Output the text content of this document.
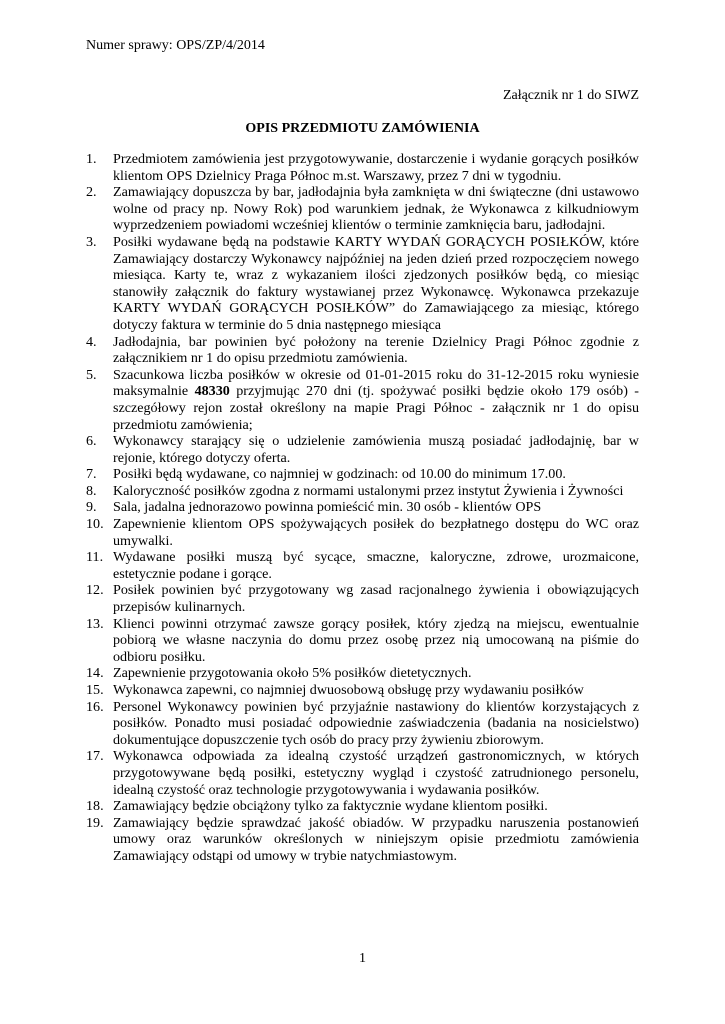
Numer sprawy: OPS/ZP/4/2014
Załącznik nr 1 do SIWZ
OPIS PRZEDMIOTU ZAMÓWIENIA
1.	Przedmiotem zamówienia jest przygotowywanie, dostarczenie i wydanie gorących posiłków klientom OPS Dzielnicy Praga Północ m.st. Warszawy, przez 7 dni w tygodniu.
2.	Zamawiający dopuszcza by bar, jadłodajnia była zamknięta w dni świąteczne (dni ustawowo wolne od pracy np. Nowy Rok) pod warunkiem jednak, że Wykonawca z kilkudniowym wyprzedzeniem powiadomi wcześniej klientów o terminie zamknięcia baru, jadłodajni.
3.	Posiłki wydawane będą na podstawie KARTY WYDAŃ GORĄCYCH POSIŁKÓW, które Zamawiający dostarczy Wykonawcy najpóźniej na jeden dzień przed rozpoczęciem nowego miesiąca. Karty te, wraz z wykazaniem ilości zjedzonych posiłków będą, co miesiąc stanowiły załącznik do faktury wystawianej przez Wykonawcę. Wykonawca przekazuje KARTY WYDAŃ GORĄCYCH POSIŁKÓW” do Zamawiającego za miesiąc, którego dotyczy faktura w terminie do 5 dnia następnego miesiąca
4.	Jadłodajnia, bar powinien być położony na terenie Dzielnicy Pragi Północ zgodnie z załącznikiem nr 1 do opisu przedmiotu zamówienia.
5.	Szacunkowa liczba posiłków w okresie od 01-01-2015 roku do 31-12-2015 roku wyniesie maksymalnie 48330 przyjmując 270 dni (tj. spożywać posiłki będzie około 179 osób) - szczegółowy rejon został określony na mapie Pragi Północ - załącznik nr 1 do opisu przedmiotu zamówienia;
6.	Wykonawcy starający się o udzielenie zamówienia muszą posiadać jadłodajnię, bar w rejonie, którego dotyczy oferta.
7.	Posiłki będą wydawane, co najmniej w godzinach: od 10.00 do minimum 17.00.
8.	Kaloryczność posiłków zgodna z normami ustalonymi przez instytut Żywienia i Żywności
9.	Sala, jadalna jednorazowo powinna pomieścić min. 30 osób - klientów OPS
10. Zapewnienie klientom OPS spożywających posiłek do bezpłatnego dostępu do WC oraz umywalki.
11. Wydawane posiłki muszą być sycące, smaczne, kaloryczne, zdrowe, urozmaicone, estetycznie podane i gorące.
12. Posiłek powinien być przygotowany wg zasad racjonalnego żywienia i obowiązujących przepisów kulinarnych.
13. Klienci powinni otrzymać zawsze gorący posiłek, który zjedzą na miejscu, ewentualnie pobiorą we własne naczynia do domu przez osobę przez nią umocowaną na piśmie do odbioru posiłku.
14. Zapewnienie przygotowania około 5% posiłków dietetycznych.
15. Wykonawca zapewni, co najmniej dwuosobową obsługę przy wydawaniu posiłków
16. Personel Wykonawcy powinien być przyjaźnie nastawiony do klientów korzystających z posiłków. Ponadto musi posiadać odpowiednie zaświadczenia (badania na nosicielstwo) dokumentujące dopuszczenie tych osób do pracy przy żywieniu zbiorowym.
17. Wykonawca odpowiada za idealną czystość urządzeń gastronomicznych, w których przygotowywane będą posiłki, estetyczny wygląd i czystość zatrudnionego personelu, idealną czystość oraz technologie przygotowywania i wydawania posiłków.
18. Zamawiający będzie obciążony tylko za faktycznie wydane klientom posiłki.
19. Zamawiający będzie sprawdzać jakość obiadów. W przypadku naruszenia postanowień umowy oraz warunków określonych w niniejszym opisie przedmiotu zamówienia Zamawiający odstąpi od umowy w trybie natychmiastowym.
1
